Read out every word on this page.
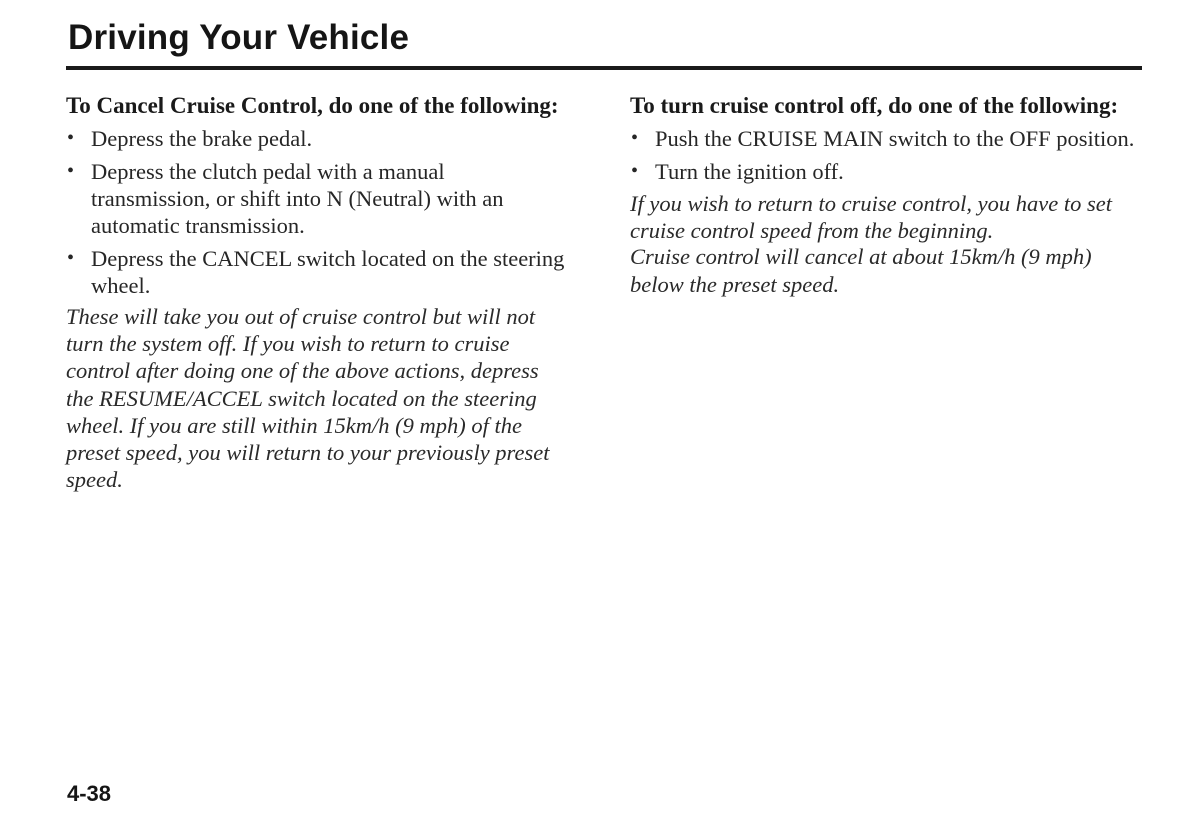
Driving Your Vehicle
To Cancel Cruise Control, do one of the following:
• Depress the brake pedal.
• Depress the clutch pedal with a manual transmission, or shift into N (Neutral) with an automatic transmission.
• Depress the CANCEL switch located on the steering wheel.

These will take you out of cruise control but will not turn the system off. If you wish to return to cruise control after doing one of the above actions, depress the RESUME/ACCEL switch located on the steering wheel. If you are still within 15km/h (9 mph) of the preset speed, you will return to your previously preset speed.

To turn cruise control off, do one of the following:
• Push the CRUISE MAIN switch to the OFF position.
• Turn the ignition off.

If you wish to return to cruise control, you have to set cruise control speed from the beginning.

Cruise control will cancel at about 15km/h (9 mph) below the preset speed.

4-38
